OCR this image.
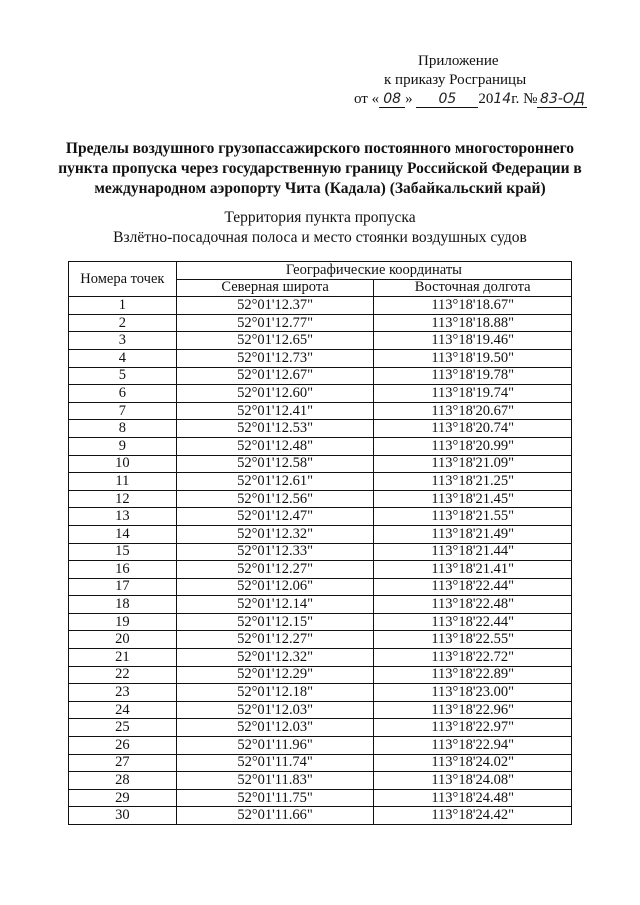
Приложение
к приказу Росграницы
от « 08 » 05 2014г. № 83-ОД
Пределы воздушного грузопассажирского постоянного многостороннего
пункта пропуска через государственную границу Российской Федерации в
международном аэропорту Чита (Кадала) (Забайкальский край)
Территория пункта пропуска
Взлётно-посадочная полоса и место стоянки воздушных судов
Номера точек	Географические координаты	
	Северная широта	Восточная долгота
1	52°01'12.37"	113°18'18.67"
2	52°01'12.77"	113°18'18.88"
3	52°01'12.65"	113°18'19.46"
4	52°01'12.73"	113°18'19.50"
5	52°01'12.67"	113°18'19.78"
6	52°01'12.60"	113°18'19.74"
7	52°01'12.41"	113°18'20.67"
8	52°01'12.53"	113°18'20.74"
9	52°01'12.48"	113°18'20.99"
10	52°01'12.58"	113°18'21.09"
11	52°01'12.61"	113°18'21.25"
12	52°01'12.56"	113°18'21.45"
13	52°01'12.47"	113°18'21.55"
14	52°01'12.32"	113°18'21.49"
15	52°01'12.33"	113°18'21.44"
16	52°01'12.27"	113°18'21.41"
17	52°01'12.06"	113°18'22.44"
18	52°01'12.14"	113°18'22.48"
19	52°01'12.15"	113°18'22.44"
20	52°01'12.27"	113°18'22.55"
21	52°01'12.32"	113°18'22.72"
22	52°01'12.29"	113°18'22.89"
23	52°01'12.18"	113°18'23.00"
24	52°01'12.03"	113°18'22.96"
25	52°01'12.03"	113°18'22.97"
26	52°01'11.96"	113°18'22.94"
27	52°01'11.74"	113°18'24.02"
28	52°01'11.83"	113°18'24.08"
29	52°01'11.75"	113°18'24.48"
30	52°01'11.66"	113°18'24.42"
